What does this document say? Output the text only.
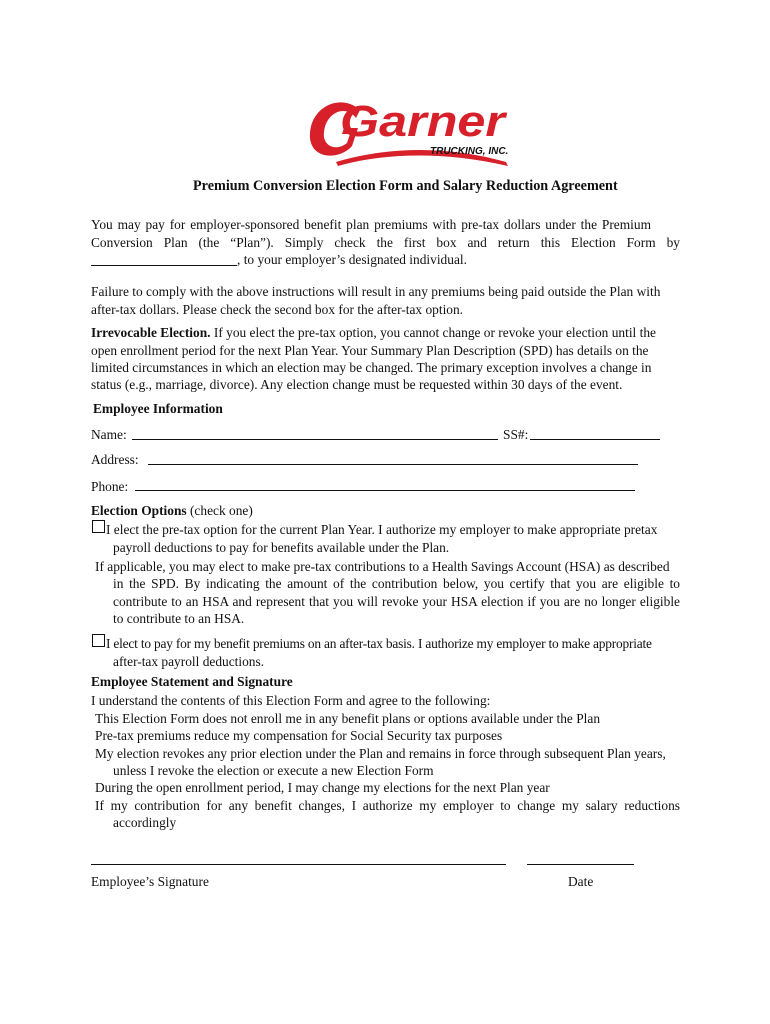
Garner
TRUCKING, INC.
Premium Conversion Election Form and Salary Reduction Agreement
You may pay for employer-sponsored benefit plan premiums with pre-tax dollars under the Premium
Conversion Plan (the “Plan”). Simply check the first box and return this Election Form by
, to your employer’s designated individual.
Failure to comply with the above instructions will result in any premiums being paid outside the Plan with
after-tax dollars. Please check the second box for the after-tax option.
Irrevocable Election. If you elect the pre-tax option, you cannot change or revoke your election until the
open enrollment period for the next Plan Year. Your Summary Plan Description (SPD) has details on the
limited circumstances in which an election may be changed. The primary exception involves a change in
status (e.g., marriage, divorce). Any election change must be requested within 30 days of the event.
Employee Information
Name:	SS#:
Address:
Phone:
Election Options (check one)
I elect the pre-tax option for the current Plan Year. I authorize my employer to make appropriate pretax
payroll deductions to pay for benefits available under the Plan.
If applicable, you may elect to make pre-tax contributions to a Health Savings Account (HSA) as described
in the SPD. By indicating the amount of the contribution below, you certify that you are eligible to
contribute to an HSA and represent that you will revoke your HSA election if you are no longer eligible
to contribute to an HSA.
I elect to pay for my benefit premiums on an after-tax basis. I authorize my employer to make appropriate
after-tax payroll deductions.
Employee Statement and Signature
I understand the contents of this Election Form and agree to the following:
This Election Form does not enroll me in any benefit plans or options available under the Plan
Pre-tax premiums reduce my compensation for Social Security tax purposes
My election revokes any prior election under the Plan and remains in force through subsequent Plan years,
unless I revoke the election or execute a new Election Form
During the open enrollment period, I may change my elections for the next Plan year
If my contribution for any benefit changes, I authorize my employer to change my salary reductions
accordingly
Employee’s Signature	Date
